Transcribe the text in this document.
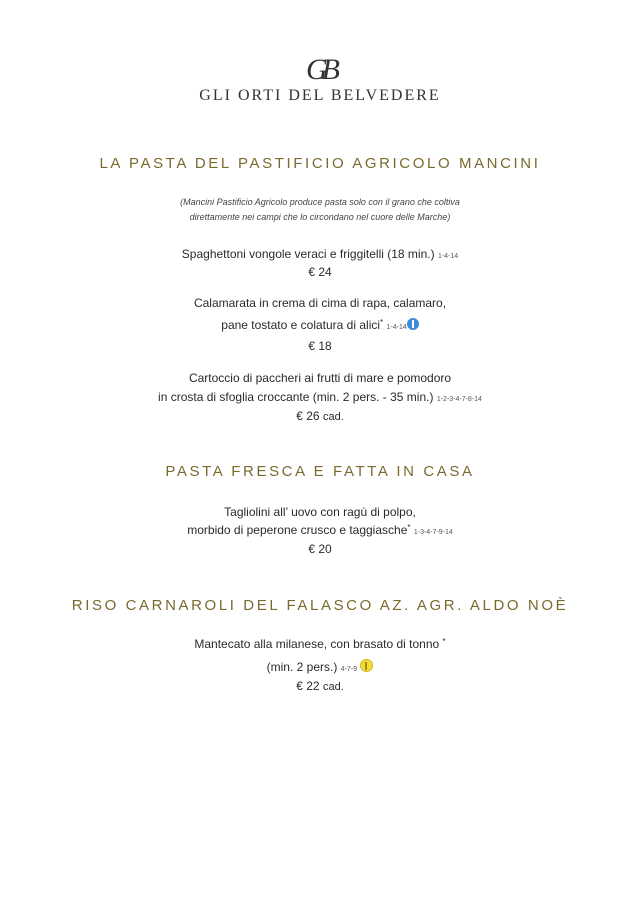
GB
GLI ORTI DEL BELVEDERE
LA PASTA DEL PASTIFICIO AGRICOLO MANCINI
(Mancini Pastificio Agricolo produce pasta solo con il grano che coltiva
direttamente nei campi che lo circondano nel cuore delle Marche)
Spaghettoni vongole veraci e friggitelli (18 min.) 1-4-14
€ 24
Calamarata in crema di cima di rapa, calamaro,
pane tostato e colatura di alici* 1-4-14
€ 18
Cartoccio di paccheri ai frutti di mare e pomodoro
in crosta di sfoglia croccante (min. 2 pers. - 35 min.) 1-2-3-4-7-8-14
€ 26 cad.
PASTA FRESCA E FATTA IN CASA
Tagliolini all’ uovo con ragù di polpo,
morbido di peperone crusco e taggiasche* 1-3-4-7-9-14
€ 20
RISO CARNAROLI DEL FALASCO AZ. AGR. ALDO NOÈ
Mantecato alla milanese, con brasato di tonno *
(min. 2 pers.) 4-7-9
€ 22 cad.
